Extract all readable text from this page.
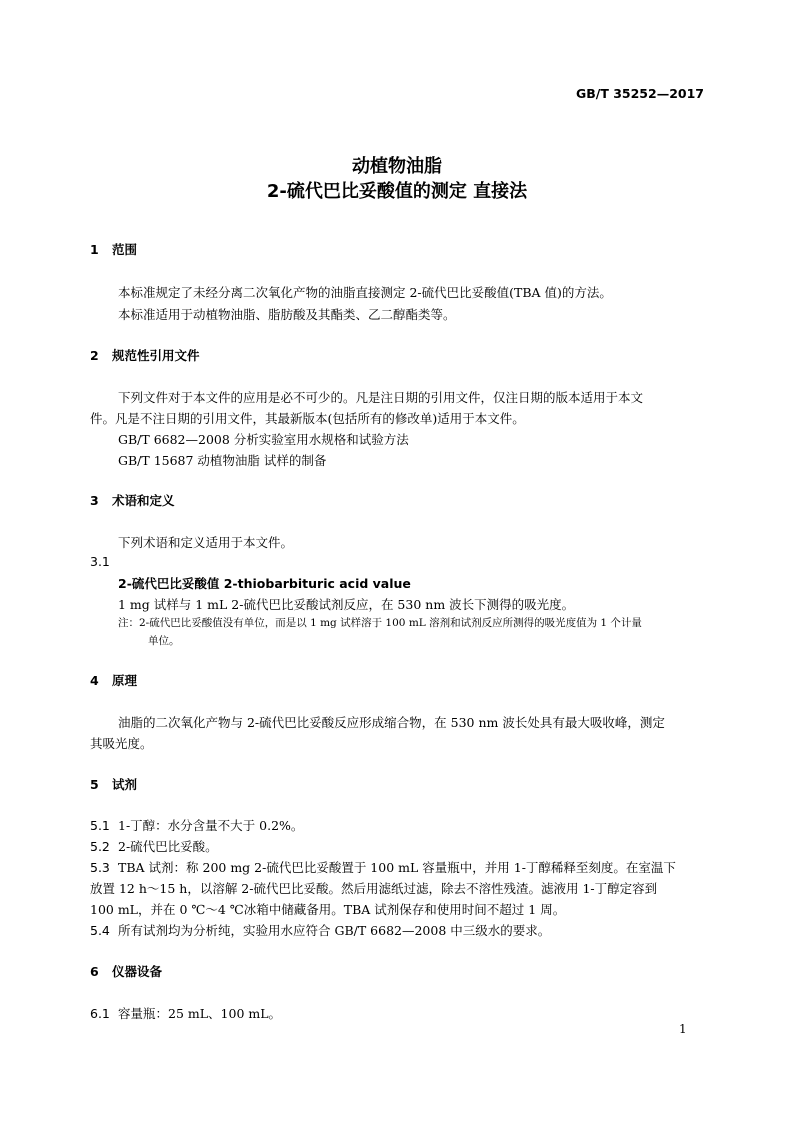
GB/T 35252—2017
动植物油脂
2-硫代巴比妥酸值的测定 直接法
1 范围
本标准规定了未经分离二次氧化产物的油脂直接测定 2-硫代巴比妥酸值(TBA 值)的方法。
本标准适用于动植物油脂、脂肪酸及其酯类、乙二醇酯类等。
2 规范性引用文件
下列文件对于本文件的应用是必不可少的。凡是注日期的引用文件，仅注日期的版本适用于本文
件。凡是不注日期的引用文件，其最新版本(包括所有的修改单)适用于本文件。
GB/T 6682—2008 分析实验室用水规格和试验方法
GB/T 15687 动植物油脂 试样的制备
3 术语和定义
下列术语和定义适用于本文件。
3.1
2-硫代巴比妥酸值 2-thiobarbituric acid value
1 mg 试样与 1 mL 2-硫代巴比妥酸试剂反应，在 530 nm 波长下测得的吸光度。
注：2-硫代巴比妥酸值没有单位，而是以 1 mg 试样溶于 100 mL 溶剂和试剂反应所测得的吸光度值为 1 个计量
单位。
4 原理
油脂的二次氧化产物与 2-硫代巴比妥酸反应形成缩合物，在 530 nm 波长处具有最大吸收峰，测定
其吸光度。
5 试剂
5.1 1-丁醇：水分含量不大于 0.2%。
5.2 2-硫代巴比妥酸。
5.3 TBA 试剂：称 200 mg 2-硫代巴比妥酸置于 100 mL 容量瓶中，并用 1-丁醇稀释至刻度。在室温下
放置 12 h～15 h，以溶解 2-硫代巴比妥酸。然后用滤纸过滤，除去不溶性残渣。滤液用 1-丁醇定容到
100 mL，并在 0 ℃～4 ℃冰箱中储藏备用。TBA 试剂保存和使用时间不超过 1 周。
5.4 所有试剂均为分析纯，实验用水应符合 GB/T 6682—2008 中三级水的要求。
6 仪器设备
6.1 容量瓶：25 mL、100 mL。
1
